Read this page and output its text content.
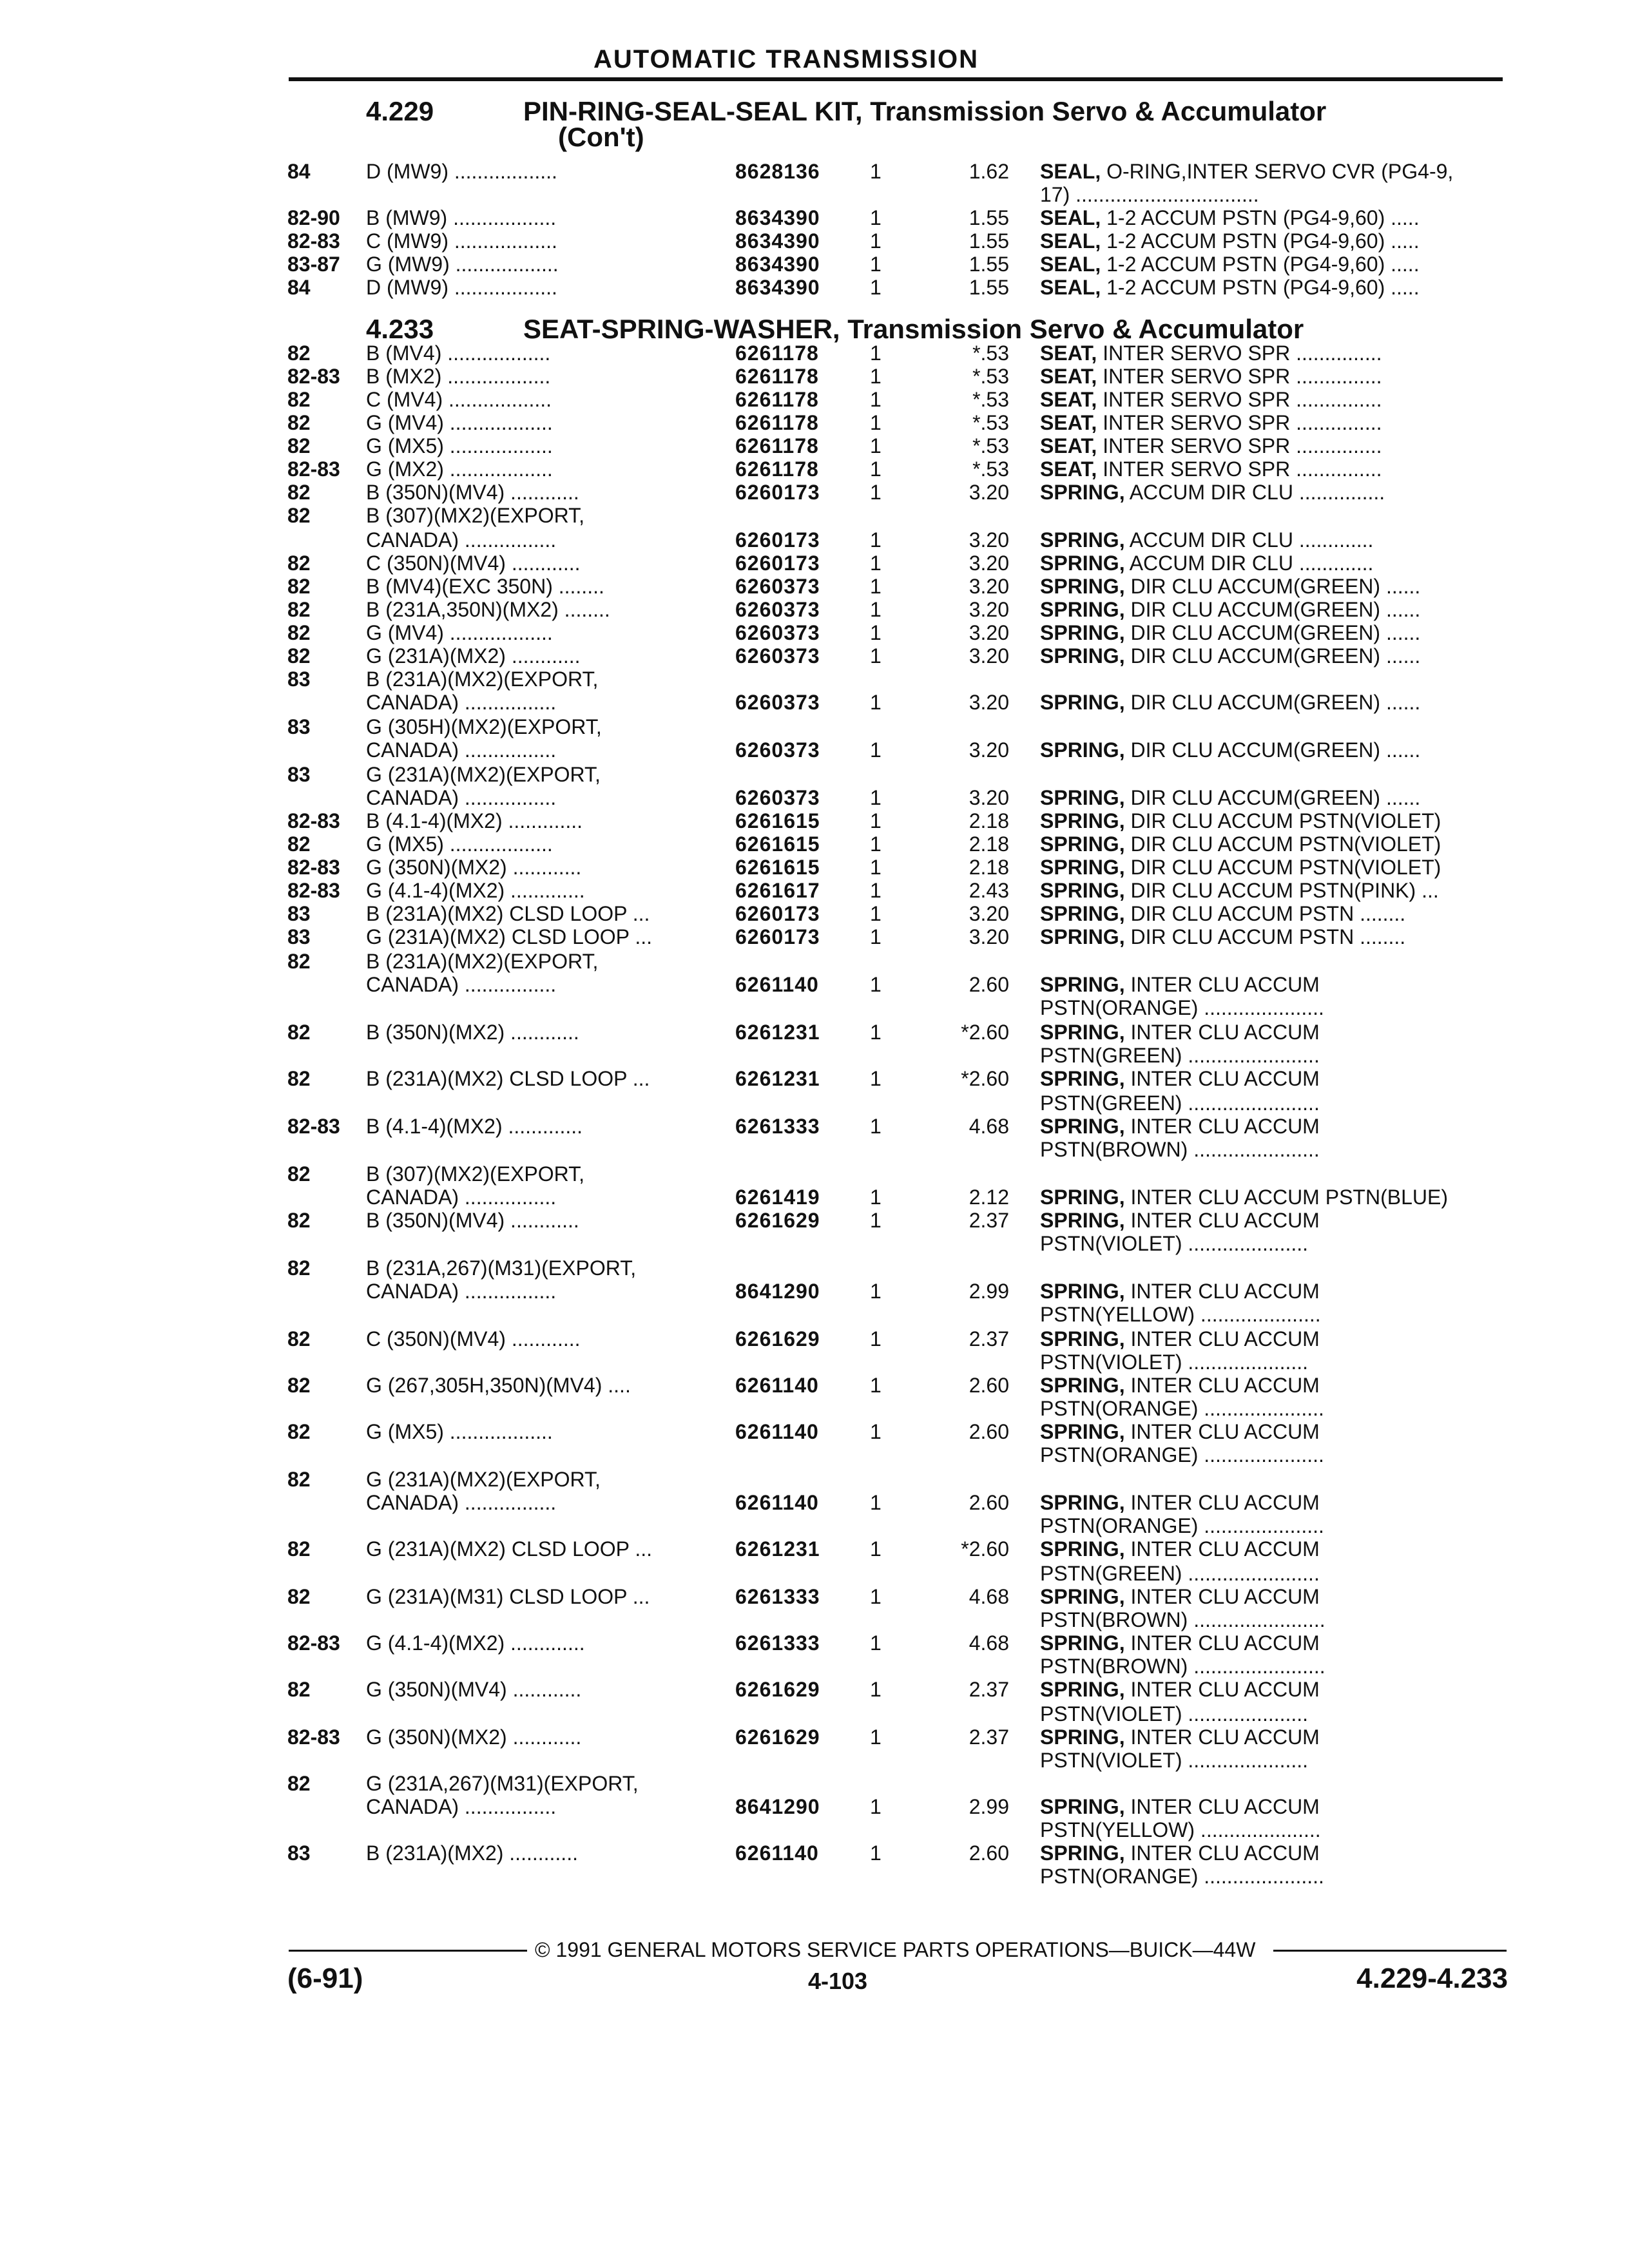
AUTOMATIC TRANSMISSION
4.229	PIN-RING-SEAL-SEAL KIT, Transmission Servo & Accumulator
(Con't)
4.233	SEAT-SPRING-WASHER, Transmission Servo & Accumulator
84	D (MW9) ..................	8628136 1	1.62 SEAL, O-RING,INTER SERVO CVR (PG4-9,
17) ................................
82-90 B (MW9) ..................	8634390 1	1.55 SEAL, 1-2 ACCUM PSTN (PG4-9,60) .....
82-83 C (MW9) ..................	8634390 1	1.55 SEAL, 1-2 ACCUM PSTN (PG4-9,60) .....
83-87 G (MW9) ..................	8634390 1	1.55 SEAL, 1-2 ACCUM PSTN (PG4-9,60) .....
84	D (MW9) ..................	8634390 1	1.55 SEAL, 1-2 ACCUM PSTN (PG4-9,60) .....
82	B (MV4) ..................	6261178 1	*.53 SEAT, INTER SERVO SPR ...............
82-83 B (MX2) ..................	6261178 1	*.53 SEAT, INTER SERVO SPR ...............
82	C (MV4) ..................	6261178 1	*.53 SEAT, INTER SERVO SPR ...............
82	G (MV4) ..................	6261178 1	*.53 SEAT, INTER SERVO SPR ...............
82	G (MX5) ..................	6261178 1	*.53 SEAT, INTER SERVO SPR ...............
82-83 G (MX2) ..................	6261178 1	*.53 SEAT, INTER SERVO SPR ...............
82	B (350N)(MV4) ............	6260173 1	3.20 SPRING, ACCUM DIR CLU ...............
82	B (307)(MX2)(EXPORT,
CANADA) ................	6260173 1	3.20 SPRING, ACCUM DIR CLU .............
82	C (350N)(MV4) ............	6260173 1	3.20 SPRING, ACCUM DIR CLU .............
82	B (MV4)(EXC 350N) ........	6260373 1	3.20 SPRING, DIR CLU ACCUM(GREEN) ......
82	B (231A,350N)(MX2) ........	6260373 1	3.20 SPRING, DIR CLU ACCUM(GREEN) ......
82	G (MV4) ..................	6260373 1	3.20 SPRING, DIR CLU ACCUM(GREEN) ......
82	G (231A)(MX2) ............	6260373 1	3.20 SPRING, DIR CLU ACCUM(GREEN) ......
83	B (231A)(MX2)(EXPORT,
CANADA) ................	6260373 1	3.20 SPRING, DIR CLU ACCUM(GREEN) ......
83	G (305H)(MX2)(EXPORT,
CANADA) ................	6260373 1	3.20 SPRING, DIR CLU ACCUM(GREEN) ......
83	G (231A)(MX2)(EXPORT,
CANADA) ................	6260373 1	3.20 SPRING, DIR CLU ACCUM(GREEN) ......
82-83 B (4.1-4)(MX2) .............	6261615 1	2.18 SPRING, DIR CLU ACCUM PSTN(VIOLET)
82	G (MX5) ..................	6261615 1	2.18 SPRING, DIR CLU ACCUM PSTN(VIOLET)
82-83 G (350N)(MX2) ............	6261615 1	2.18 SPRING, DIR CLU ACCUM PSTN(VIOLET)
82-83 G (4.1-4)(MX2) .............	6261617 1	2.43 SPRING, DIR CLU ACCUM PSTN(PINK) ...
83	B (231A)(MX2) CLSD LOOP ...	6260173 1	3.20 SPRING, DIR CLU ACCUM PSTN ........
83	G (231A)(MX2) CLSD LOOP ...	6260173 1	3.20 SPRING, DIR CLU ACCUM PSTN ........
82	B (231A)(MX2)(EXPORT,
CANADA) ................	6261140 1	2.60 SPRING, INTER CLU ACCUM
PSTN(ORANGE) .....................
82	B (350N)(MX2) ............	6261231 1	*2.60 SPRING, INTER CLU ACCUM
PSTN(GREEN) .......................
82	B (231A)(MX2) CLSD LOOP ...	6261231 1	*2.60 SPRING, INTER CLU ACCUM
PSTN(GREEN) .......................
82-83 B (4.1-4)(MX2) .............	6261333 1	4.68 SPRING, INTER CLU ACCUM
PSTN(BROWN) ......................
82	B (307)(MX2)(EXPORT,
CANADA) ................	6261419 1	2.12 SPRING, INTER CLU ACCUM PSTN(BLUE)
82	B (350N)(MV4) ............	6261629 1	2.37 SPRING, INTER CLU ACCUM
PSTN(VIOLET) .....................
82	B (231A,267)(M31)(EXPORT,
CANADA) ................	8641290 1	2.99 SPRING, INTER CLU ACCUM
PSTN(YELLOW) .....................
82	C (350N)(MV4) ............	6261629 1	2.37 SPRING, INTER CLU ACCUM
PSTN(VIOLET) .....................
82	G (267,305H,350N)(MV4) ....	6261140 1	2.60 SPRING, INTER CLU ACCUM
PSTN(ORANGE) .....................
82	G (MX5) ..................	6261140 1	2.60 SPRING, INTER CLU ACCUM
PSTN(ORANGE) .....................
82	G (231A)(MX2)(EXPORT,
CANADA) ................	6261140 1	2.60 SPRING, INTER CLU ACCUM
PSTN(ORANGE) .....................
82	G (231A)(MX2) CLSD LOOP ...	6261231 1	*2.60 SPRING, INTER CLU ACCUM
PSTN(GREEN) .......................
82	G (231A)(M31) CLSD LOOP ...	6261333 1	4.68 SPRING, INTER CLU ACCUM
PSTN(BROWN) .......................
82-83 G (4.1-4)(MX2) .............	6261333 1	4.68 SPRING, INTER CLU ACCUM
PSTN(BROWN) .......................
82	G (350N)(MV4) ............	6261629 1	2.37 SPRING, INTER CLU ACCUM
PSTN(VIOLET) .....................
82-83 G (350N)(MX2) ............	6261629 1	2.37 SPRING, INTER CLU ACCUM
PSTN(VIOLET) .....................
82	G (231A,267)(M31)(EXPORT,
CANADA) ................	8641290 1	2.99 SPRING, INTER CLU ACCUM
PSTN(YELLOW) .....................
83	B (231A)(MX2) ............	6261140 1	2.60 SPRING, INTER CLU ACCUM
PSTN(ORANGE) .....................
© 1991 GENERAL MOTORS SERVICE PARTS OPERATIONS—BUICK—44W
(6-91)	4-103	4.229-4.233
